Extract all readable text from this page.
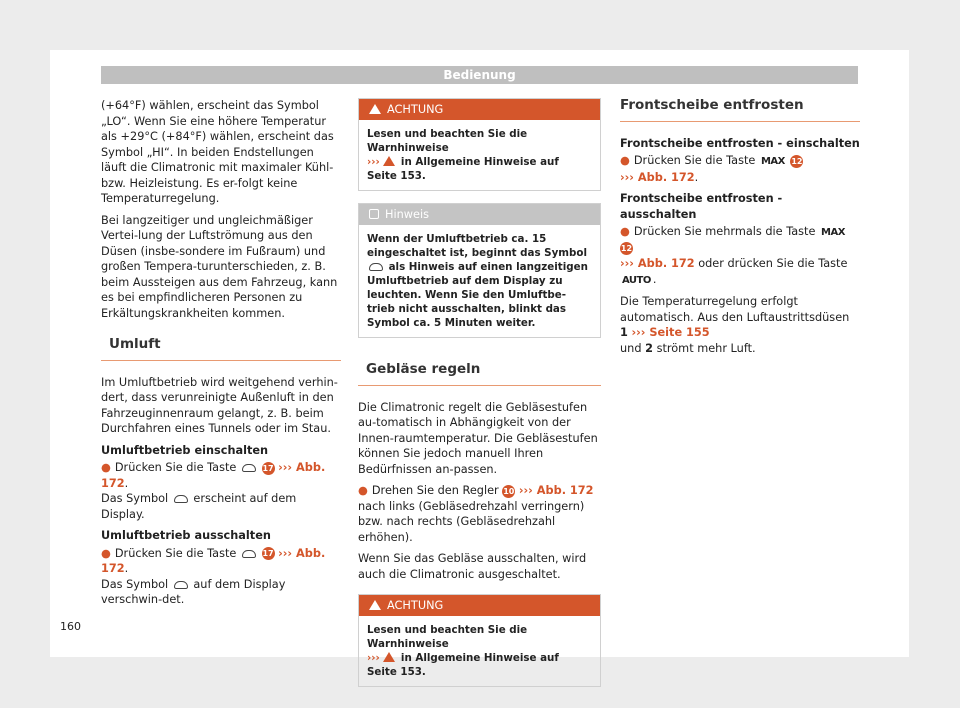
Bedienung

(+64°F) wählen, erscheint das Symbol „LO“. Wenn Sie eine höhere Temperatur als +29°C (+84°F) wählen, erscheint das Symbol „HI“. In beiden Endstellungen läuft die Climatronic mit maximaler Kühl- bzw. Heizleistung. Es er-folgt keine Temperaturregelung.

Bei langzeitiger und ungleichmäßiger Vertei-lung der Luftströmung aus den Düsen (insbe-sondere im Fußraum) und großen Tempera-turunterschieden, z. B. beim Aussteigen aus dem Fahrzeug, kann es bei empfindlicheren Personen zu Erkältungskrankheiten kommen.

Umluft

Im Umluftbetrieb wird weitgehend verhin-dert, dass verunreinigte Außenluft in den Fahrzeuginnenraum gelangt, z. B. beim Durchfahren eines Tunnels oder im Stau.

Umluftbetrieb einschalten

● Drücken Sie die Taste	17 ››› Abb. 172.
Das Symbol erscheint auf dem Display.

Umluftbetrieb ausschalten

● Drücken Sie die Taste	17 ››› Abb. 172.
Das Symbol auf dem Display verschwin-det.

ACHTUNG
Lesen und beachten Sie die Warnhinweise
››› in Allgemeine Hinweise auf Seite 153.
Hinweis
Wenn der Umluftbetrieb ca. 15 eingeschaltet ist, beginnt das Symbol  als Hinweis auf einen langzeitigen Umluftbetrieb auf dem Display zu leuchten. Wenn Sie den Umluftbe-trieb nicht ausschalten, blinkt das Symbol ca. 5 Minuten weiter.
Gebläse regeln

Die Climatronic regelt die Gebläsestufen au-tomatisch in Abhängigkeit von der Innen-raumtemperatur. Die Gebläsestufen können Sie jedoch manuell Ihren Bedürfnissen an-passen.

● Drehen Sie den Regler 10 ››› Abb. 172 nach links (Gebläsedrehzahl verringern) bzw. nach rechts (Gebläsedrehzahl erhöhen).

Wenn Sie das Gebläse ausschalten, wird auch die Climatronic ausgeschaltet.

ACHTUNG
Lesen und beachten Sie die Warnhinweise
››› in Allgemeine Hinweise auf Seite 153.
Frontscheibe entfrosten
Frontscheibe entfrosten - einschalten

● Drücken Sie die Taste MAX 12
››› Abb. 172.

Frontscheibe entfrosten - ausschalten

● Drücken Sie mehrmals die Taste MAX 12
››› Abb. 172 oder drücken Sie die Taste AUTO .

Die Temperaturregelung erfolgt automatisch. Aus den Luftaustrittsdüsen 1 ››› Seite 155
und 2 strömt mehr Luft.

160
